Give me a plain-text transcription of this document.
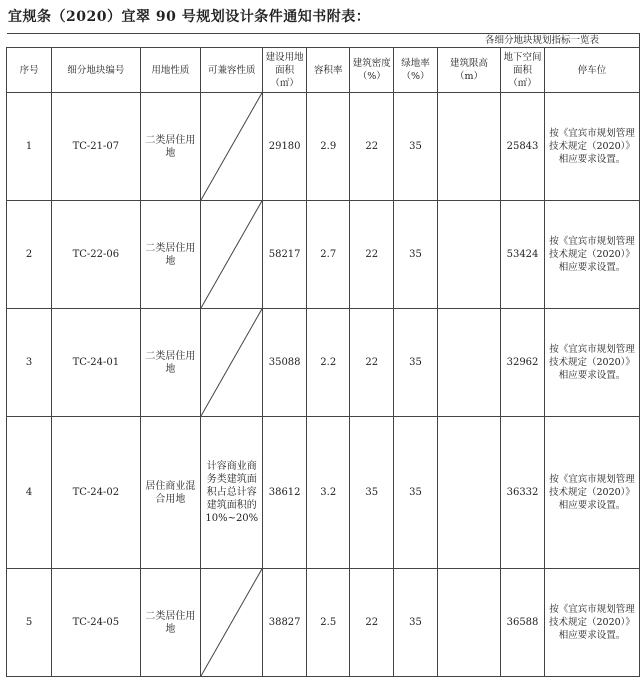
宜规条（2020）宜翠 90 号规划设计条件通知书附表：
					各细分地块规划指标一览表					
序号	细分地块编号	用地性质	可兼容性质	建设用地面积（㎡）	容积率	建筑密度（%）	绿地率（%）	建筑限高（m）	地下空间面积（㎡）	停车位
1	TC-21-07	二类居住用地		29180	2.9	22	35		25843	按《宜宾市规划管理技术规定（2020）》相应要求设置。
2	TC-22-06	二类居住用地		58217	2.7	22	35		53424	按《宜宾市规划管理技术规定（2020）》相应要求设置。
3	TC-24-01	二类居住用地		35088	2.2	22	35		32962	按《宜宾市规划管理技术规定（2020）》相应要求设置。
4	TC-24-02	居住商业混合用地	计容商业商务类建筑面积占总计容建筑面积的10%~20%	38612	3.2	35	35		36332	按《宜宾市规划管理技术规定（2020）》相应要求设置。
5	TC-24-05	二类居住用地		38827	2.5	22	35		36588	按《宜宾市规划管理技术规定（2020）》相应要求设置。
